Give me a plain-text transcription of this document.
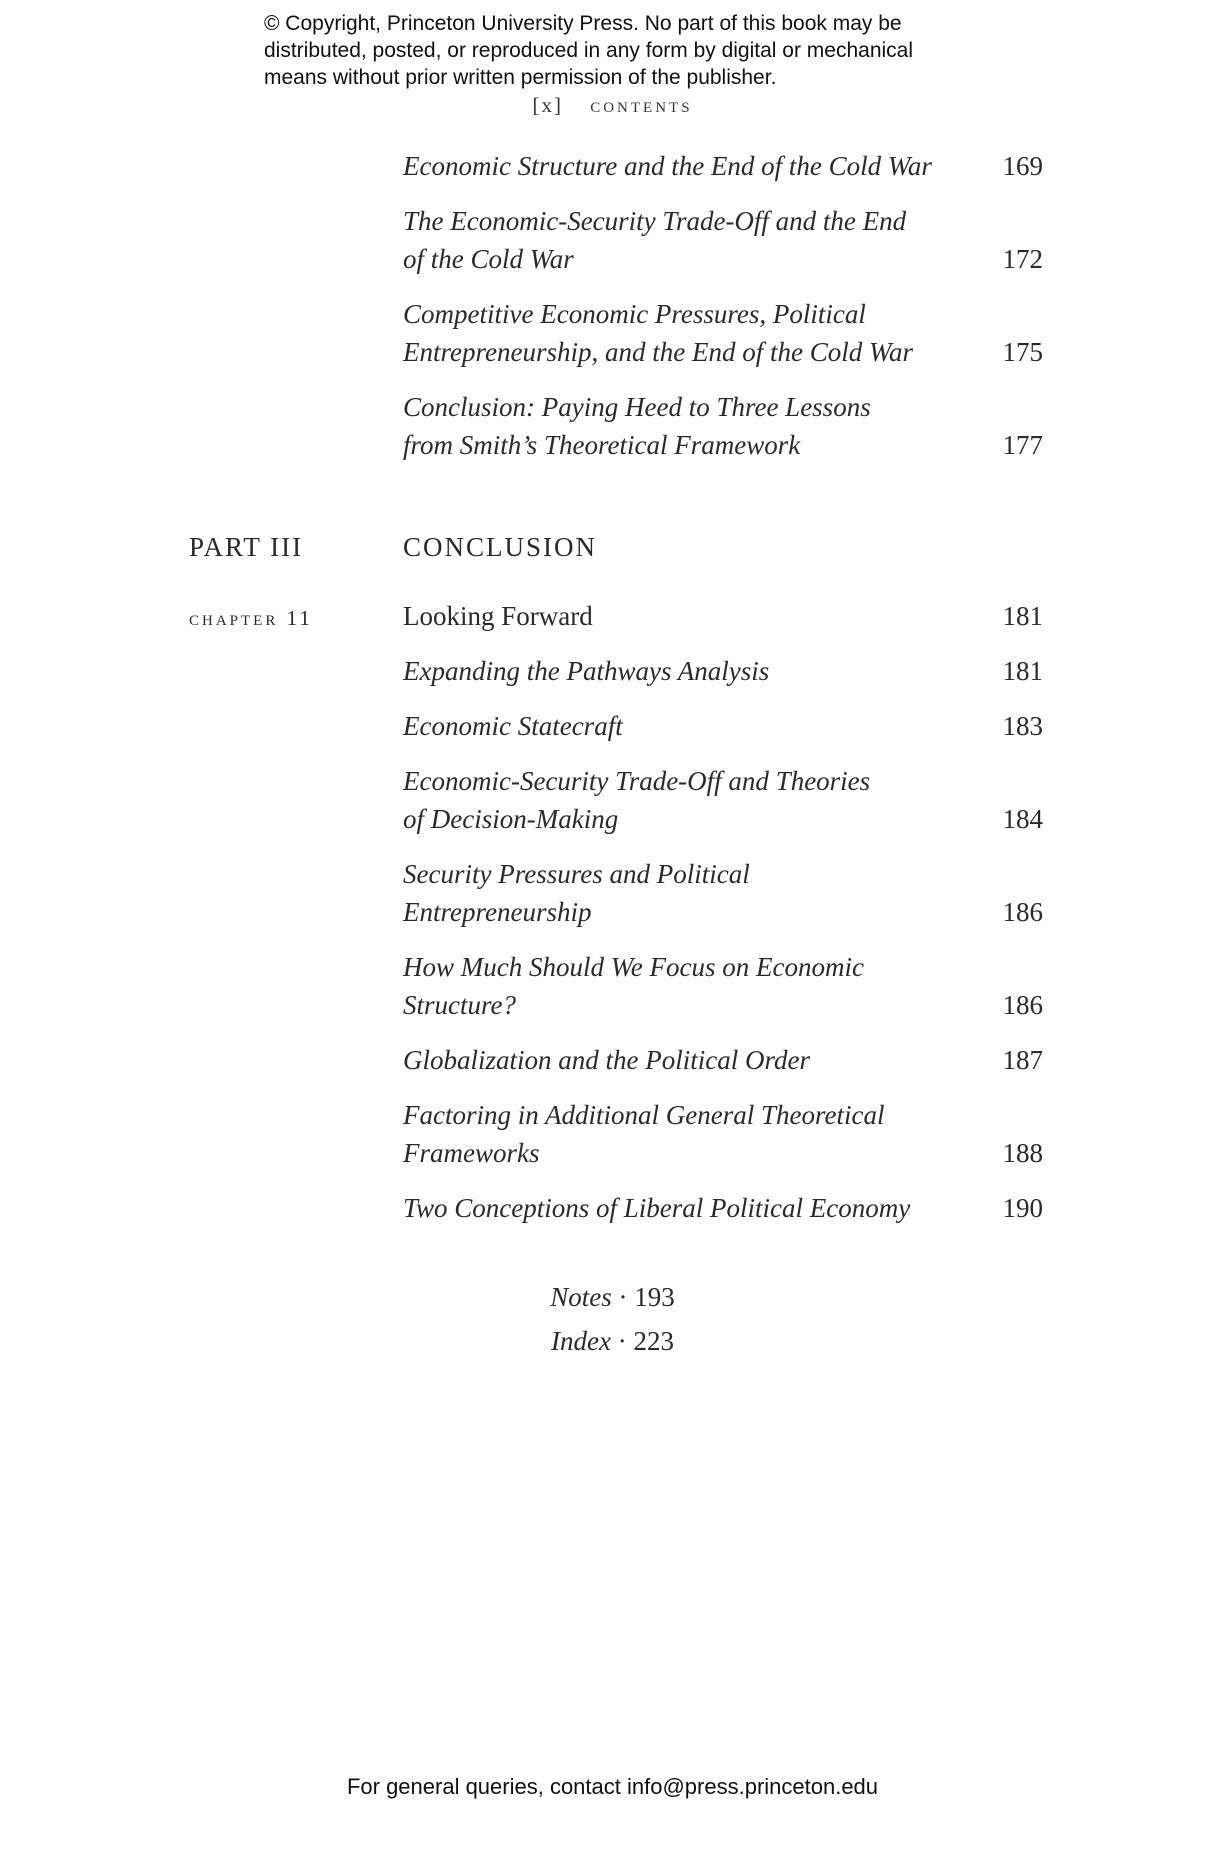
© Copyright, Princeton University Press. No part of this book may be
distributed, posted, or reproduced in any form by digital or mechanical
means without prior written permission of the publisher.
[x] contents
Economic Structure and the End of the Cold War	169
The Economic-Security Trade-Off and the End
of the Cold War	172
Competitive Economic Pressures, Political
Entrepreneurship, and the End of the Cold War	175
Conclusion: Paying Heed to Three Lessons
from Smith’s Theoretical Framework	177
PART III	CONCLUSION
chapter 11	Looking Forward	181
Expanding the Pathways Analysis	181
Economic Statecraft	183
Economic-Security Trade-Off and Theories
of Decision-Making	184
Security Pressures and Political
Entrepreneurship	186
How Much Should We Focus on Economic
Structure?	186
Globalization and the Political Order	187
Factoring in Additional General Theoretical
Frameworks	188
Two Conceptions of Liberal Political Economy	190
Notes · 193
Index · 223
For general queries, contact info@press.princeton.edu
